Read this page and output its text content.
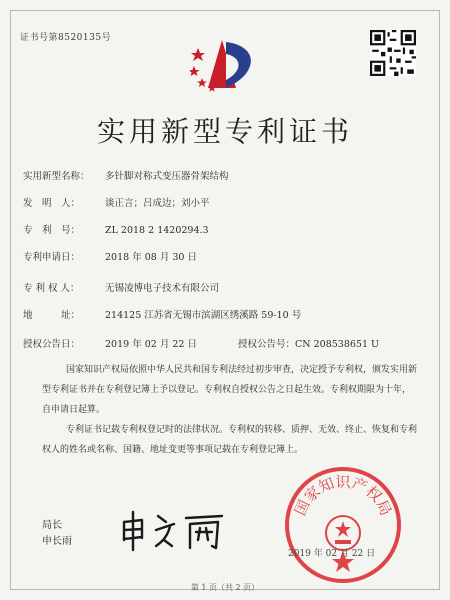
证书号第8520135号
实用新型专利证书
实用新型名称： 多针脚对称式变压器骨架结构
发　明　人：	谈正言；吕成边；刘小平
专　利　号：	ZL 2018 2 1420294.3
专利申请日：	2018 年 08 月 30 日
专 利 权 人：	无锡凌博电子技术有限公司
地　　　址：	214125 江苏省无锡市滨湖区绣溪路 59-10 号
授权公告日：	2019 年 02 月 22 日	授权公告号：CN 208538651 U
国家知识产权局依照中华人民共和国专利法经过初步审查，决定授予专利权，颁发实用新型专利证书并在专利登记簿上予以登记。专利权自授权公告之日起生效。专利权期限为十年，自申请日起算。
专利证书记载专利权登记时的法律状况。专利权的转移、质押、无效、终止、恢复和专利权人的姓名或名称、国籍、地址变更等事项记载在专利登记簿上。
局长
申长雨
国家知识产权局
2019 年 02 月 22 日
第 1 页（共 2 页）
